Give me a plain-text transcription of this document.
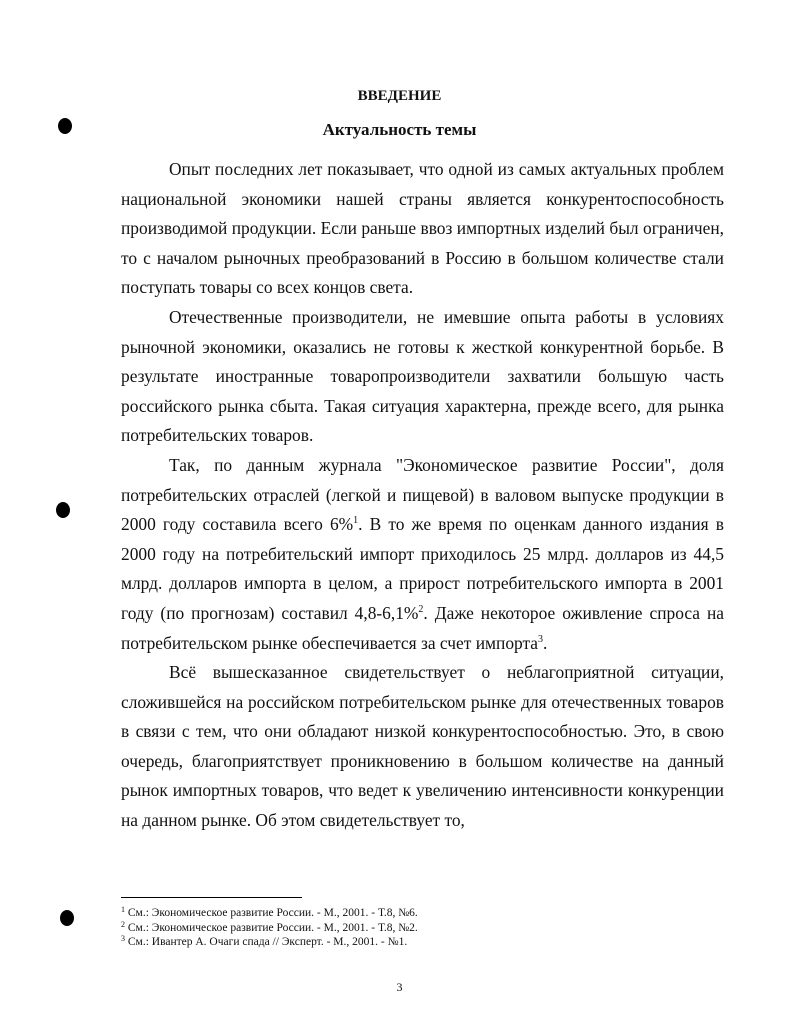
ВВЕДЕНИЕ
Актуальность темы

Опыт последних лет показывает, что одной из самых актуальных проблем национальной экономики нашей страны является конкурентоспособность производимой продукции. Если раньше ввоз импортных изделий был ограничен, то с началом рыночных преобразований в Россию в большом количестве стали поступать товары со всех концов света.

Отечественные производители, не имевшие опыта работы в условиях рыночной экономики, оказались не готовы к жесткой конкурентной борьбе. В результате иностранные товаропроизводители захватили большую часть российского рынка сбыта. Такая ситуация характерна, прежде всего, для рынка потребительских товаров.

Так, по данным журнала "Экономическое развитие России", доля потребительских отраслей (легкой и пищевой) в валовом выпуске продукции в 2000 году составила всего 6%$^1$. В то же время по оценкам данного издания в 2000 году на потребительский импорт приходилось 25 млрд. долларов из 44,5 млрд. долларов импорта в целом, а прирост потребительского импорта в 2001 году (по прогнозам) составил 4,8-6,1%$^2$. Даже некоторое оживление спроса на потребительском рынке обеспечивается за счет импорта$^3$.

Всё вышесказанное свидетельствует о неблагоприятной ситуации, сложившейся на российском потребительском рынке для отечественных товаров в связи с тем, что они обладают низкой конкурентоспособностью. Это, в свою очередь, благоприятствует проникновению в большом количестве на данный рынок импортных товаров, что ведет к увеличению интенсивности конкуренции на данном рынке. Об этом свидетельствует то,

$^1$ См.: Экономическое развитие России. - М., 2001. - Т.8, №6.
$^2$ См.: Экономическое развитие России. - М., 2001. - Т.8, №2.
$^3$ См.: Ивантер А. Очаги спада // Эксперт. - М., 2001. - №1.
3
